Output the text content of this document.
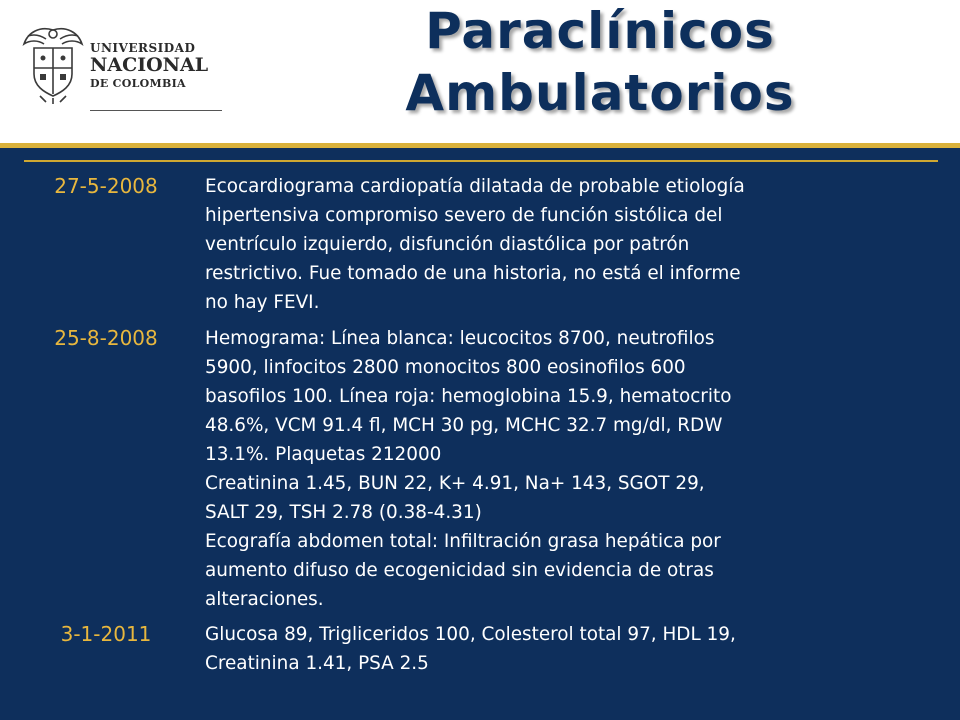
UNIVERSIDAD
NACIONAL
DE COLOMBIA
Paraclínicos
Ambulatorios
27-5-2008	Ecocardiograma cardiopatía dilatada de probable etiología
hipertensiva compromiso severo de función sistólica del
ventrículo izquierdo, disfunción diastólica por patrón
restrictivo. Fue tomado de una historia, no está el informe
no hay FEVI.
25-8-2008	Hemograma: Línea blanca: leucocitos 8700, neutrofilos
5900, linfocitos 2800 monocitos 800 eosinofilos 600
basofilos 100. Línea roja: hemoglobina 15.9, hematocrito
48.6%, VCM 91.4 fl, MCH 30 pg, MCHC 32.7 mg/dl, RDW
13.1%. Plaquetas 212000
Creatinina 1.45, BUN 22, K+ 4.91, Na+ 143, SGOT 29,
SALT 29, TSH 2.78 (0.38-4.31)
Ecografía abdomen total: Infiltración grasa hepática por
aumento difuso de ecogenicidad sin evidencia de otras
alteraciones.
3-1-2011	Glucosa 89, Trigliceridos 100, Colesterol total 97, HDL 19,
Creatinina 1.41, PSA 2.5
